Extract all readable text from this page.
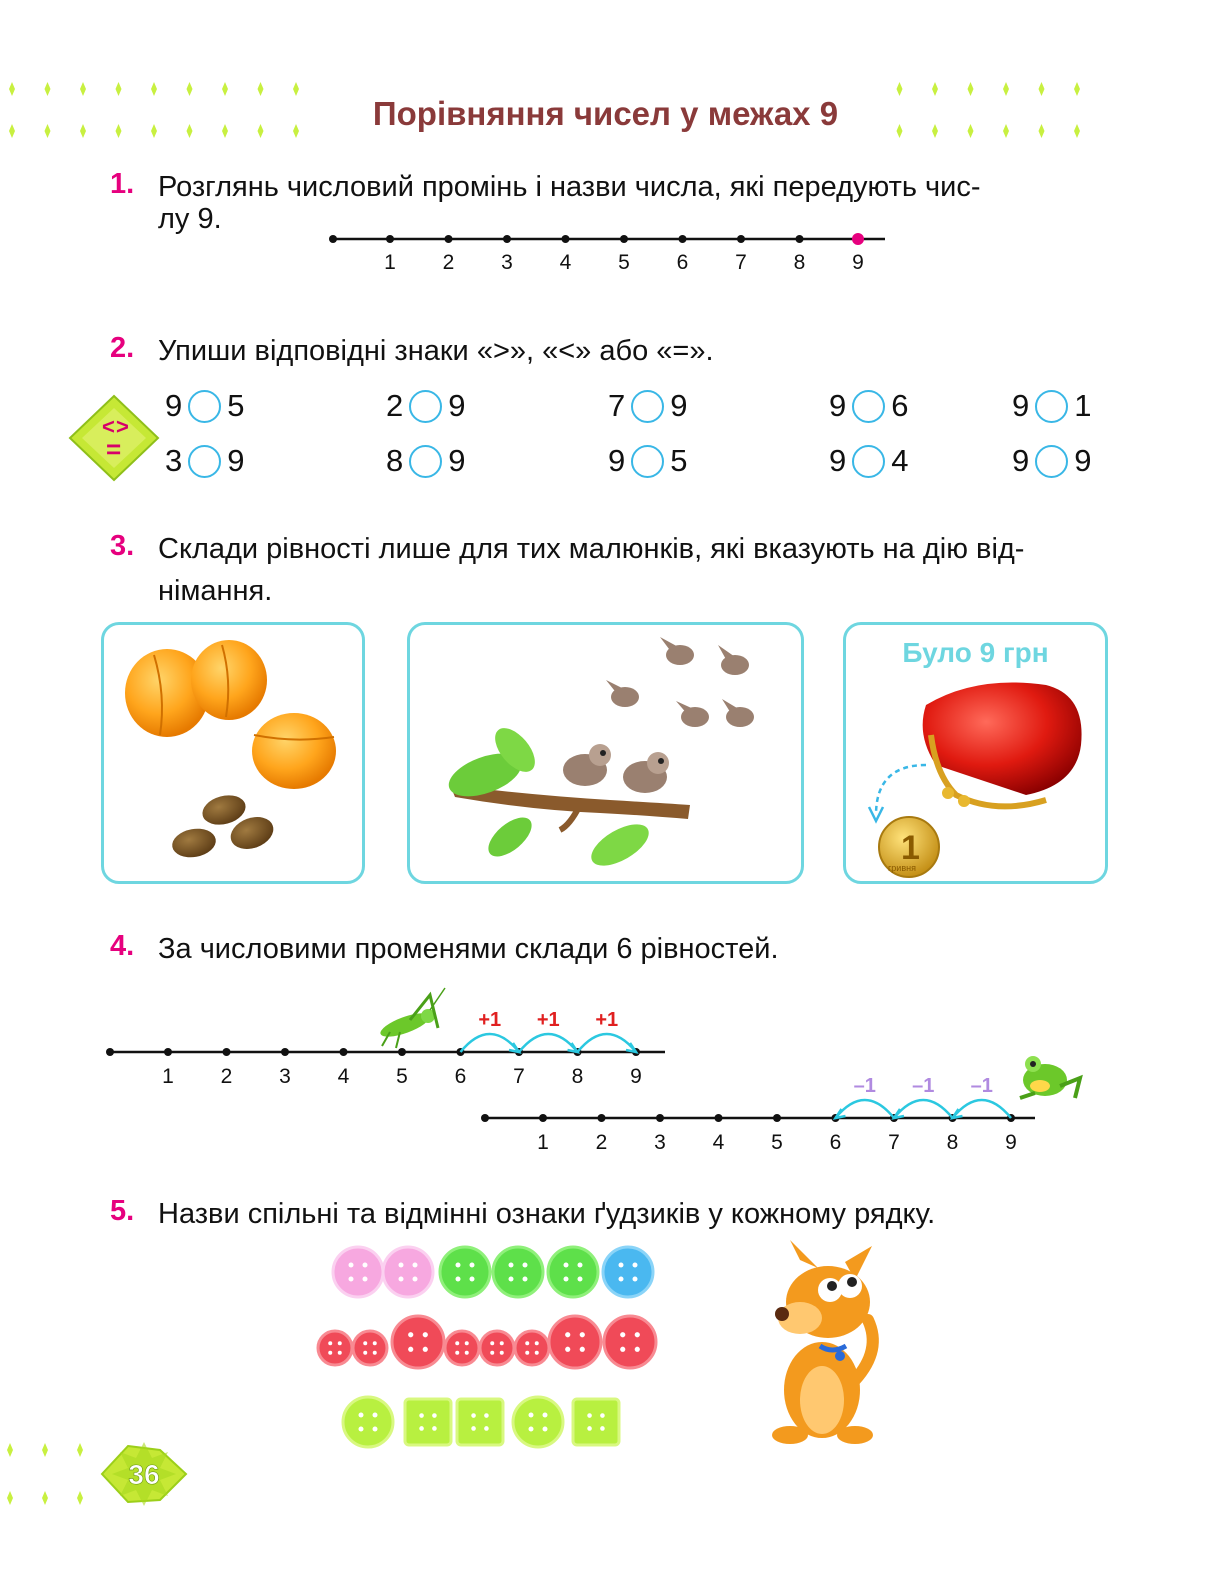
Порівняння чисел у межах 9
1. Розглянь числовий промінь і назви числа, які передують чис-
лу 9.
1 2 3 4 5 6 7 8 9
2. Упиши відповідні знаки «>», «<» або «=».
< >
=
9 5	2 9	7 9	9 6	9 1
3 9	8 9	9 5	9 4	9 9
3. Склади рівності лише для тих малюнків, які вказують на дію від-
німання.
Було 9 грн
1
гривня
4. За числовими променями склади 6 рівностей.
1 2 3 4 5 6 7 8 9
+1 +1 +1
1 2 3 4 5 6 7 8 9
–1
–1
–1
5. Назви спільні та відмінні ознаки ґудзиків у кожному рядку.
36
